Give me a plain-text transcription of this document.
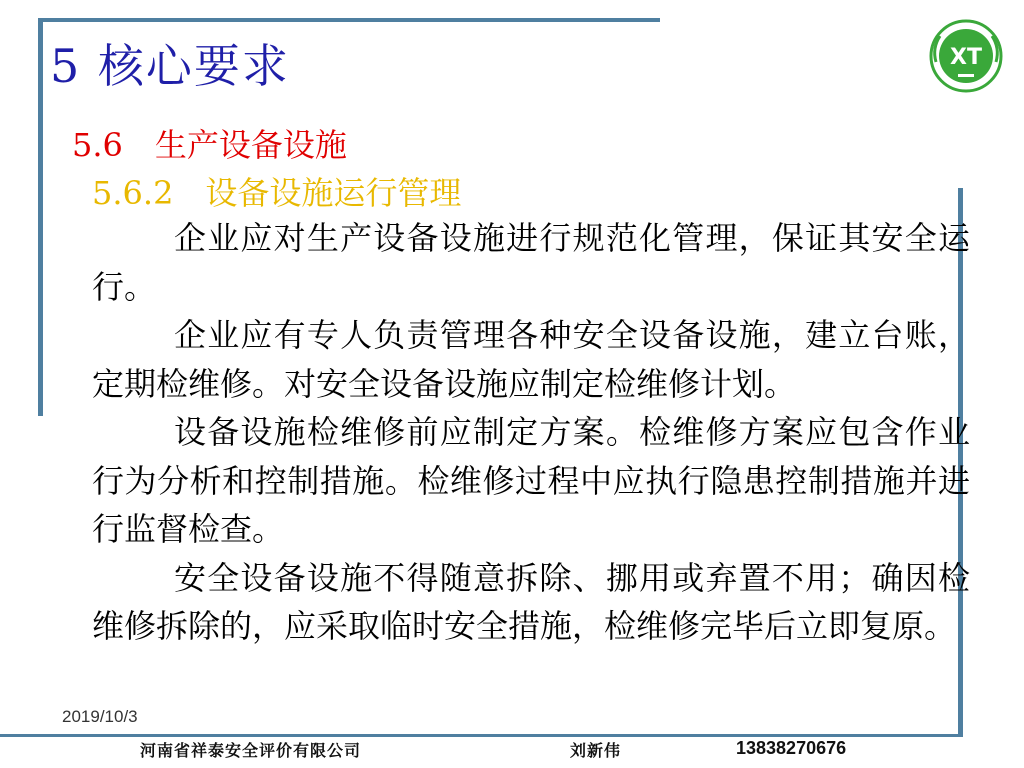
XT
5 核心要求
5.6　生产设备设施
5.6.2　设备设施运行管理

企业应对生产设备设施进行规范化管理，保证其安全运行。

企业应有专人负责管理各种安全设备设施，建立台账，定期检维修。对安全设备设施应制定检维修计划。

设备设施检维修前应制定方案。检维修方案应包含作业行为分析和控制措施。检维修过程中应执行隐患控制措施并进行监督检查。

安全设备设施不得随意拆除、挪用或弃置不用；确因检维修拆除的，应采取临时安全措施，检维修完毕后立即复原。

2019/10/3
河南省祥泰安全评价有限公司	刘新伟	13838270676
